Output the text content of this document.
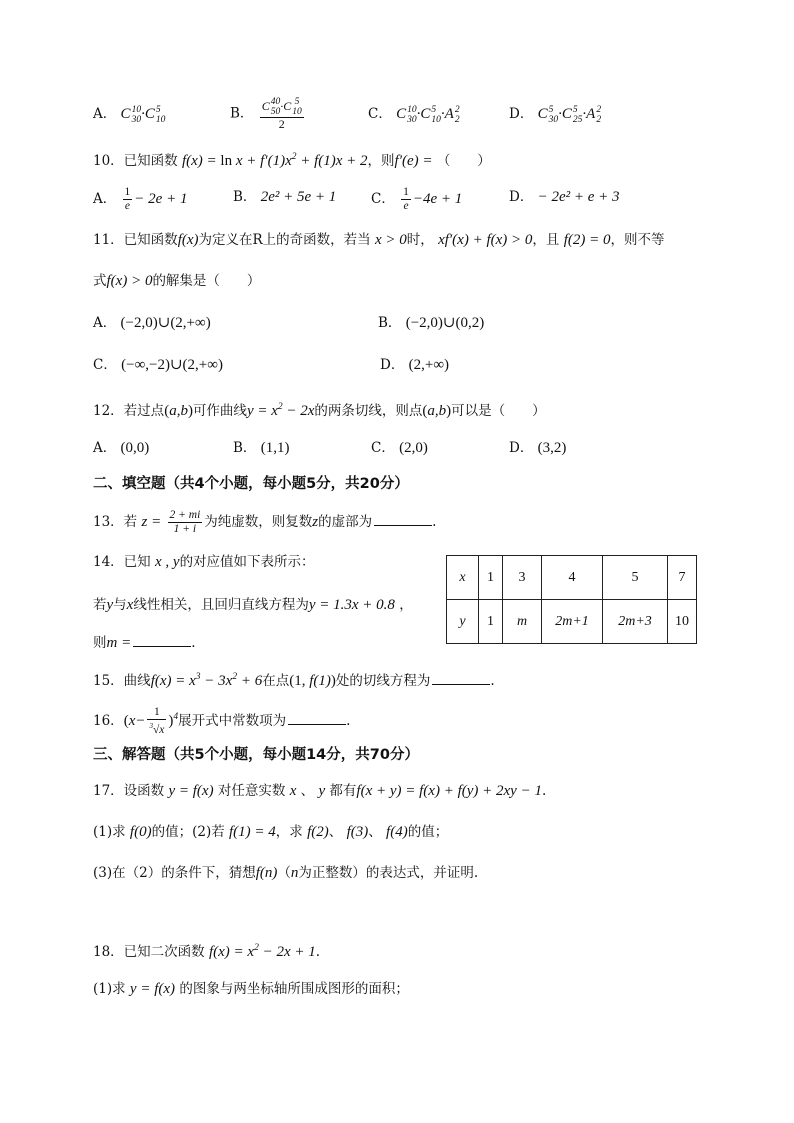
A． C 10
30 ·C 5
10	B． C 40
50 ·C 5
10
2	C． C 10
30 ·C 5
10 ·A 2
2	D． C 5
30 ·C 5
25 ·A 2
2
10．已知函数 $f(x) = \ln x + f'(1)x^2 + f(1)x + 2$，则f′(e) = （　　）
A． $\frac{1}{e} - 2e + 1$	B． 2e² + 5e + 1	C． $\frac{1}{e} -4e + 1$	D． − 2e² + e + 3
11．已知函数f(x)为定义在R上的奇函数，若当 x > 0时， xf′(x) + f(x) > 0，且 f(2) = 0，则不等
式f(x) > 0的解集是（　　）
A． (−2,0)∪(2,+∞)	B． (−2,0)∪(0,2)
C． (−∞,−2)∪(2,+∞)	D． (2,+∞)
12．若过点(a,b)可作曲线$y = x^2 - 2x$的两条切线，则点(a,b)可以是（　　）
A． (0,0)	B． (1,1)	C． (2,0)	D． (3,2)
二、填空题（共4个小题，每小题5分，共20分）
13．若 $z = \frac{2 + mi}{1 + i}$ 为纯虚数，则复数z的虚部为	.
14．已知 x , y的对应值如下表所示：
若y与x线性相关，且回归直线方程为y = 1.3x + 0.8 ，
则m =	.
x	1	3	4	5	7
y	1	m	2m+1	2m+3	10
15．曲线$f(x) = x^3 - 3x^2 + 6$在点(1, f(1))处的切线方程为	.
16．$(x- \frac{1}{^3√x} )^4$展开式中常数项为	.
三、解答题（共5个小题，每小题14分，共70分）
17．设函数 y = f(x) 对任意实数 x 、 y 都有f(x + y) = f(x) + f(y) + 2xy − 1.
(1)求 f(0)的值；(2)若 f(1) = 4，求 f(2)、 f(3)、 f(4)的值；
(3)在（2）的条件下，猜想f(n)（n为正整数）的表达式，并证明.
18．已知二次函数 $f(x) = x^2 - 2x + 1$.
(1)求 y = f(x) 的图象与两坐标轴所围成图形的面积；
